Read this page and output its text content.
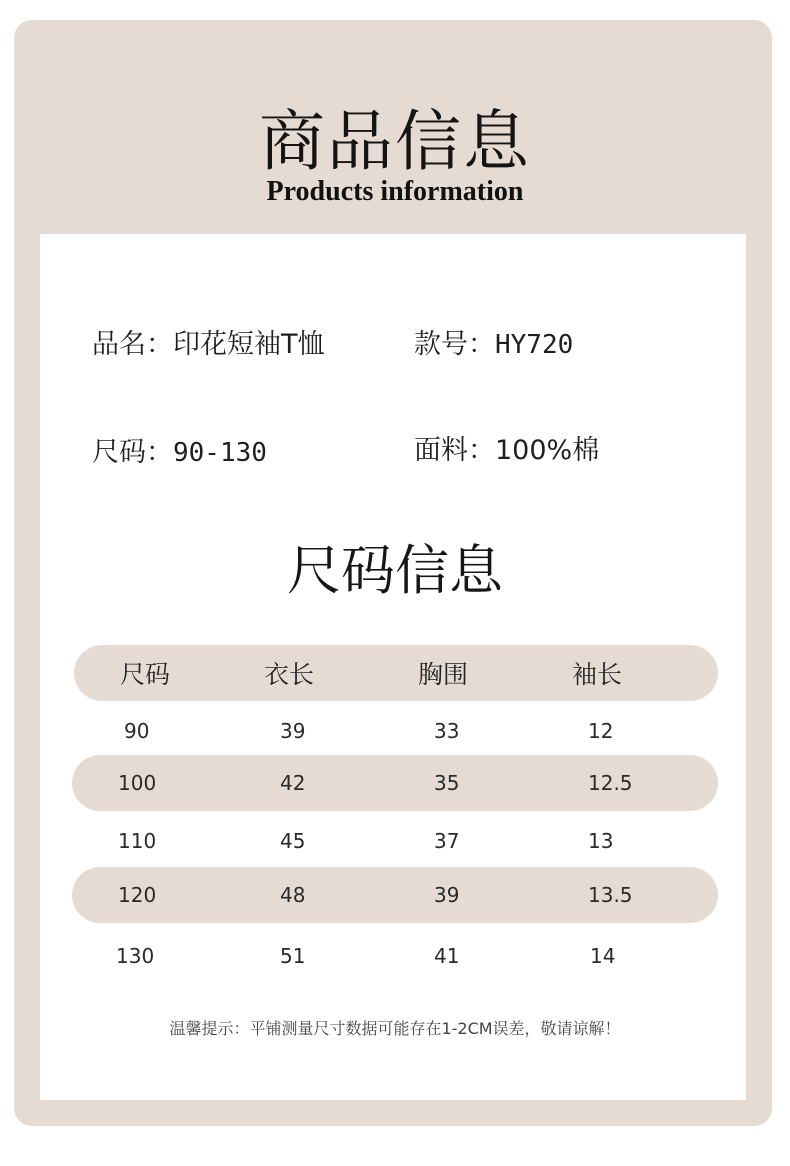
商品信息
Products information
品名：印花短袖T恤	款号：HY720
尺码：90-130	面料：100%棉
尺码信息
尺码	衣长	胸围	袖长
90	39	33	12
100	42	35	12.5
110	45	37	13
120	48	39	13.5
130	51	41	14
温馨提示：平铺测量尺寸数据可能存在1-2CM误差，敬请谅解！
